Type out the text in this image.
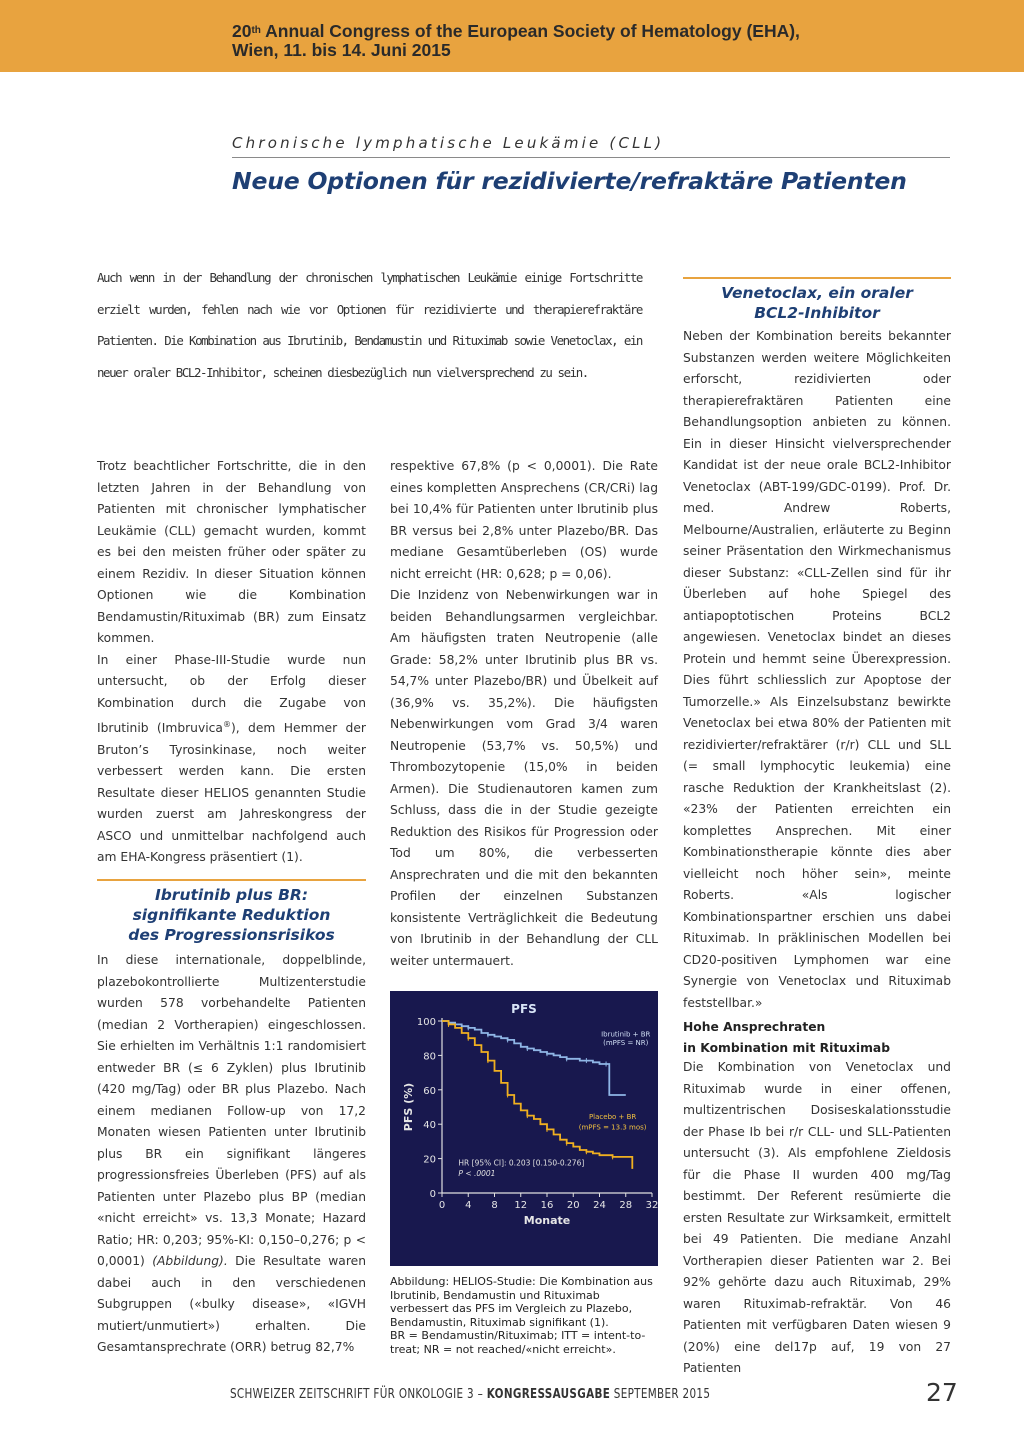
20th Annual Congress of the European Society of Hematology (EHA),
Wien, 11. bis 14. Juni 2015
Chronische lymphatische Leukämie (CLL)
Neue Optionen für rezidivierte/refraktäre Patienten

Auch wenn in der Behandlung der chronischen lymphatischen Leukämie einige Fortschritte erzielt wurden, fehlen nach wie vor Optionen für rezidivierte und therapierefraktäre Patienten. Die Kombination aus Ibrutinib, Bendamustin und Rituximab sowie Venetoclax, ein neuer oraler BCL2-Inhibitor, scheinen diesbezüglich nun vielversprechend zu sein.

Trotz beachtlicher Fortschritte, die in den letzten Jahren in der Behandlung von Patienten mit chronischer lymphatischer Leukämie (CLL) gemacht wurden, kommt es bei den meisten früher oder später zu einem Rezidiv. In dieser Situation können Optionen wie die Kombination Bendamustin/Rituximab (BR) zum Einsatz kommen.

In einer Phase-III-Studie wurde nun untersucht, ob der Erfolg dieser Kombination durch die Zugabe von Ibrutinib (Imbruvica®), dem Hemmer der Bruton’s Tyrosinkinase, noch weiter verbessert werden kann. Die ersten Resultate dieser HELIOS genannten Studie wurden zuerst am Jahreskongress der ASCO und unmittelbar nachfolgend auch am EHA-Kongress präsentiert (1).

Ibrutinib plus BR:
signifikante Reduktion
des Progressionsrisikos

In diese internationale, doppelblinde, plazebokontrollierte Multizenterstudie wurden 578 vorbehandelte Patienten (median 2 Vortherapien) eingeschlossen. Sie erhielten im Verhältnis 1:1 randomisiert entweder BR (≤ 6 Zyklen) plus Ibrutinib (420 mg/Tag) oder BR plus Plazebo. Nach einem medianen Follow-up von 17,2 Monaten wiesen Patienten unter Ibrutinib plus BR ein signifikant längeres progressionsfreies Überleben (PFS) auf als Patienten unter Plazebo plus BP (median «nicht erreicht» vs. 13,3 Monate; Hazard Ratio; HR: 0,203; 95%-KI: 0,150–0,276; p < 0,0001) (Abbildung). Die Resultate waren dabei auch in den verschiedenen Subgruppen («bulky disease», «IGVH mutiert/unmutiert») erhalten. Die Gesamtansprechrate (ORR) betrug 82,7%

respektive 67,8% (p < 0,0001). Die Rate eines kompletten Ansprechens (CR/CRi) lag bei 10,4% für Patienten unter Ibrutinib plus BR versus bei 2,8% unter Plazebo/BR. Das mediane Gesamtüberleben (OS) wurde nicht erreicht (HR: 0,628; p = 0,06).

Die Inzidenz von Nebenwirkungen war in beiden Behandlungsarmen vergleichbar. Am häufigsten traten Neutropenie (alle Grade: 58,2% unter Ibrutinib plus BR vs. 54,7% unter Plazebo/BR) und Übelkeit auf (36,9% vs. 35,2%). Die häufigsten Nebenwirkungen vom Grad 3/4 waren Neutropenie (53,7% vs. 50,5%) und Thrombozytopenie (15,0% in beiden Armen). Die Studienautoren kamen zum Schluss, dass die in der Studie gezeigte Reduktion des Risikos für Progression oder Tod um 80%, die verbesserten Ansprechraten und die mit den bekannten Profilen der einzelnen Substanzen konsistente Verträglichkeit die Bedeutung von Ibrutinib in der Behandlung der CLL weiter untermauert.

PFS
0
20
40
60
80
100
0 4 8 12 16 20 24 28 32
Monate
PFS (%)
Ibrutinib + BR
(mPFS = NR)
Placebo + BR
(mPFS = 13.3 mos)
HR [95% CI]: 0.203 [0.150-0.276]
P < .0001

Abbildung: HELIOS-Studie: Die Kombination aus Ibrutinib, Bendamustin und Rituximab verbessert das PFS im Vergleich zu Plazebo, Bendamustin, Rituximab signifikant (1).

BR = Bendamustin/Rituximab; ITT = intent-to-treat; NR = not reached/«nicht erreicht».

Venetoclax, ein oraler
BCL2-Inhibitor

Neben der Kombination bereits bekannter Substanzen werden weitere Möglichkeiten erforscht, rezidivierten oder therapierefraktären Patienten eine Behandlungsoption anbieten zu können. Ein in dieser Hinsicht vielversprechender Kandidat ist der neue orale BCL2-Inhibitor Venetoclax (ABT-199/GDC-0199). Prof. Dr. med. Andrew Roberts, Melbourne/Australien, erläuterte zu Beginn seiner Präsentation den Wirkmechanismus dieser Substanz: «CLL-Zellen sind für ihr Überleben auf hohe Spiegel des antiapoptotischen Proteins BCL2 angewiesen. Venetoclax bindet an dieses Protein und hemmt seine Überexpression. Dies führt schliesslich zur Apoptose der Tumorzelle.» Als Einzelsubstanz bewirkte Venetoclax bei etwa 80% der Patienten mit rezidivierter/refraktärer (r/r) CLL und SLL (= small lymphocytic leukemia) eine rasche Reduktion der Krankheitslast (2). «23% der Patienten erreichten ein komplettes Ansprechen. Mit einer Kombinationstherapie könnte dies aber vielleicht noch höher sein», meinte Roberts. «Als logischer Kombinationspartner erschien uns dabei Rituximab. In präklinischen Modellen bei CD20-positiven Lymphomen war eine Synergie von Venetoclax und Rituximab feststellbar.»

Hohe Ansprechraten
in Kombination mit Rituximab

Die Kombination von Venetoclax und Rituximab wurde in einer offenen, multizentrischen Dosiseskalationsstudie der Phase Ib bei r/r CLL- und SLL-Patienten untersucht (3). Als empfohlene Zieldosis für die Phase II wurden 400 mg/Tag bestimmt. Der Referent resümierte die ersten Resultate zur Wirksamkeit, ermittelt bei 49 Patienten. Die mediane Anzahl Vortherapien dieser Patienten war 2. Bei 92% gehörte dazu auch Rituximab, 29% waren Rituximab-refraktär. Von 46 Patienten mit verfügbaren Daten wiesen 9 (20%) eine del17p auf, 19 von 27 Patienten

SCHWEIZER ZEITSCHRIFT FÜR ONKOLOGIE 3 – KONGRESSAUSGABE SEPTEMBER 2015	27
